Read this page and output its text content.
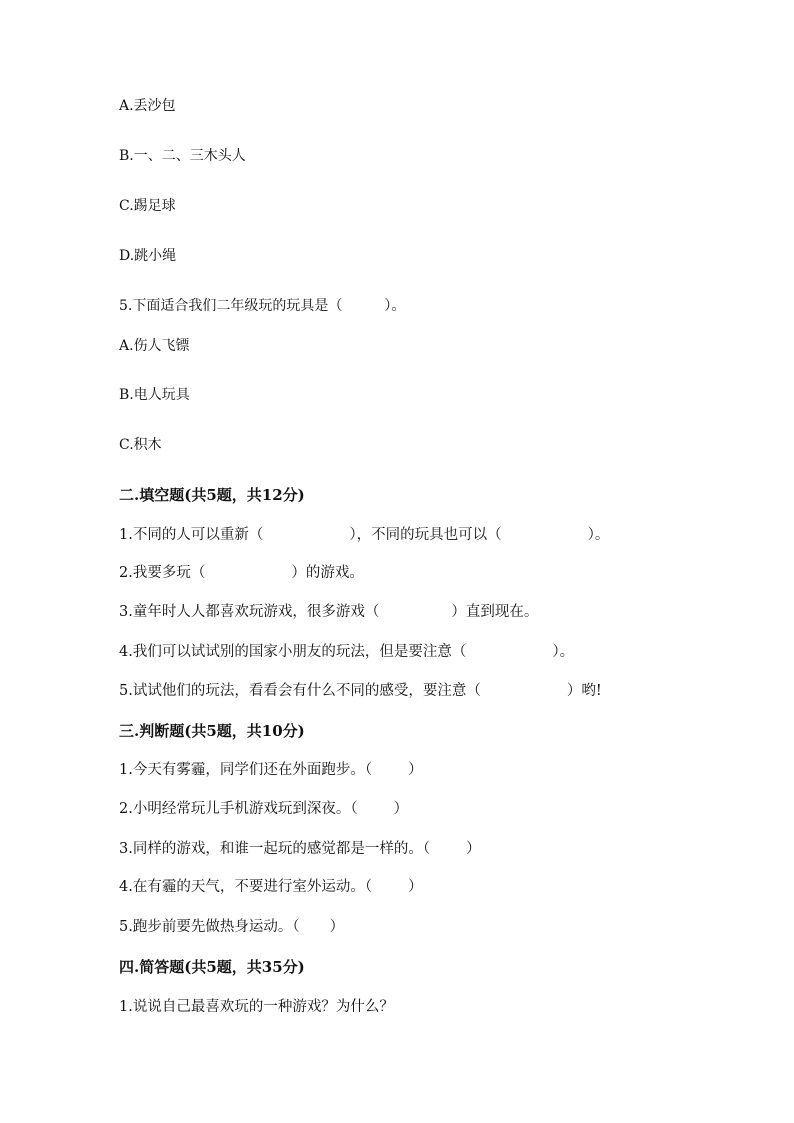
A.丢沙包
B.一、二、三木头人
C.踢足球
D.跳小绳
5.下面适合我们二年级玩的玩具是（	）。
A.伤人飞镖
B.电人玩具
C.积木
二.填空题(共5题，共12分)
1.不同的人可以重新（	），不同的玩具也可以（	）。
2.我要多玩（	）的游戏。
3.童年时人人都喜欢玩游戏，很多游戏（	）直到现在。
4.我们可以试试别的国家小朋友的玩法，但是要注意（	）。
5.试试他们的玩法，看看会有什么不同的感受，要注意（	）哟!
三.判断题(共5题，共10分)
1.今天有雾霾，同学们还在外面跑步。（ ）
2.小明经常玩儿手机游戏玩到深夜。（ ）
3.同样的游戏，和谁一起玩的感觉都是一样的。（ ）
4.在有霾的天气，不要进行室外运动。（ ）
5.跑步前要先做热身运动。（ ）
四.简答题(共5题，共35分)
1.说说自己最喜欢玩的一种游戏？为什么？
